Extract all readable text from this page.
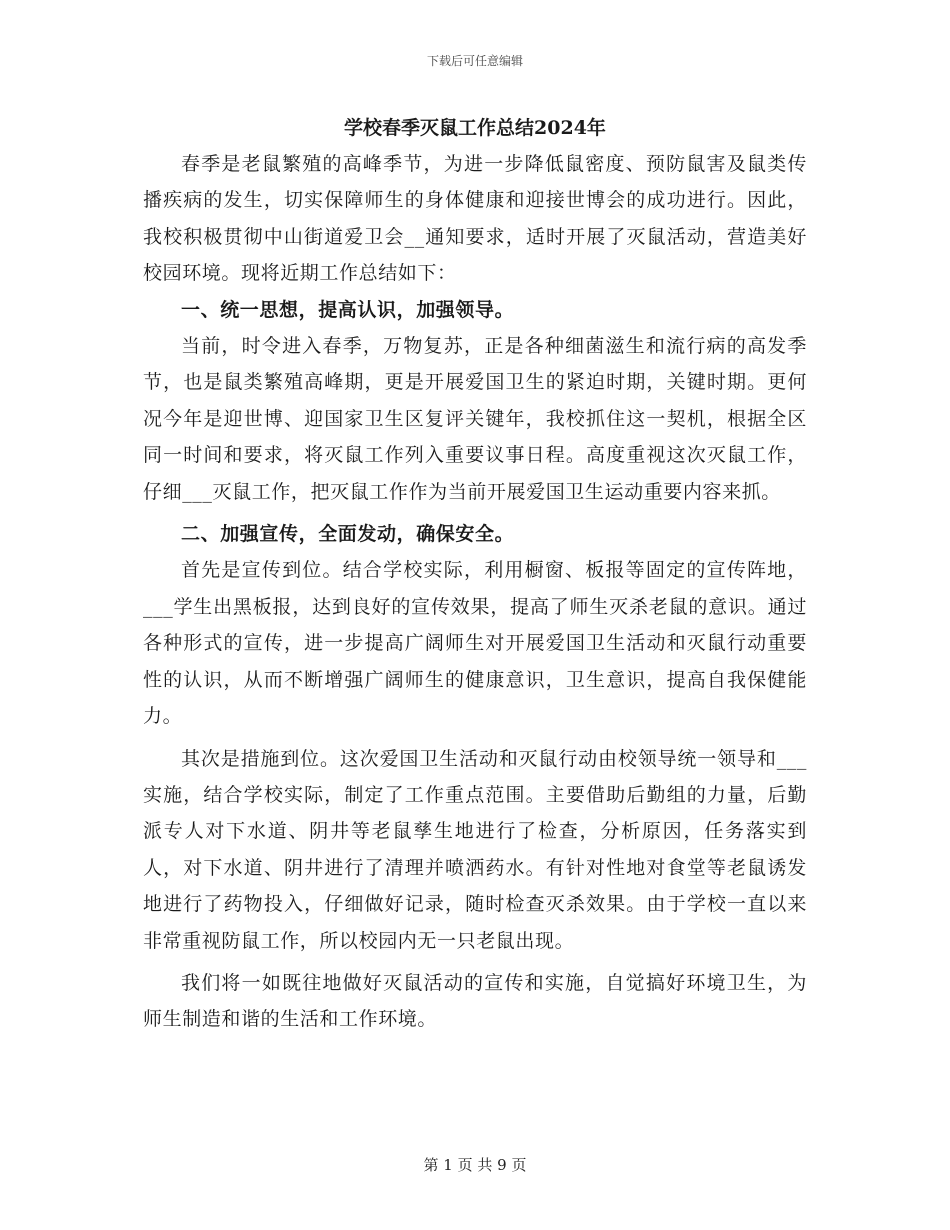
下载后可任意编辑
学校春季灭鼠工作总结2024年

春季是老鼠繁殖的高峰季节，为进一步降低鼠密度、预防鼠害及鼠类传播疾病的发生，切实保障师生的身体健康和迎接世博会的成功进行。因此，我校积极贯彻中山街道爱卫会__通知要求，适时开展了灭鼠活动，营造美好校园环境。现将近期工作总结如下：

一、统一思想，提高认识，加强领导。

当前，时令进入春季，万物复苏，正是各种细菌滋生和流行病的高发季节，也是鼠类繁殖高峰期，更是开展爱国卫生的紧迫时期，关键时期。更何况今年是迎世博、迎国家卫生区复评关键年，我校抓住这一契机，根据全区同一时间和要求，将灭鼠工作列入重要议事日程。高度重视这次灭鼠工作，仔细___灭鼠工作，把灭鼠工作作为当前开展爱国卫生运动重要内容来抓。

二、加强宣传，全面发动，确保安全。

首先是宣传到位。结合学校实际，利用橱窗、板报等固定的宣传阵地，___学生出黑板报，达到良好的宣传效果，提高了师生灭杀老鼠的意识。通过各种形式的宣传，进一步提高广阔师生对开展爱国卫生活动和灭鼠行动重要性的认识，从而不断增强广阔师生的健康意识，卫生意识，提高自我保健能力。

其次是措施到位。这次爱国卫生活动和灭鼠行动由校领导统一领导和___实施，结合学校实际，制定了工作重点范围。主要借助后勤组的力量，后勤派专人对下水道、阴井等老鼠孳生地进行了检查，分析原因，任务落实到人，对下水道、阴井进行了清理并喷洒药水。有针对性地对食堂等老鼠诱发地进行了药物投入，仔细做好记录，随时检查灭杀效果。由于学校一直以来非常重视防鼠工作，所以校园内无一只老鼠出现。

我们将一如既往地做好灭鼠活动的宣传和实施，自觉搞好环境卫生，为师生制造和谐的生活和工作环境。

第 1 页 共 9 页
